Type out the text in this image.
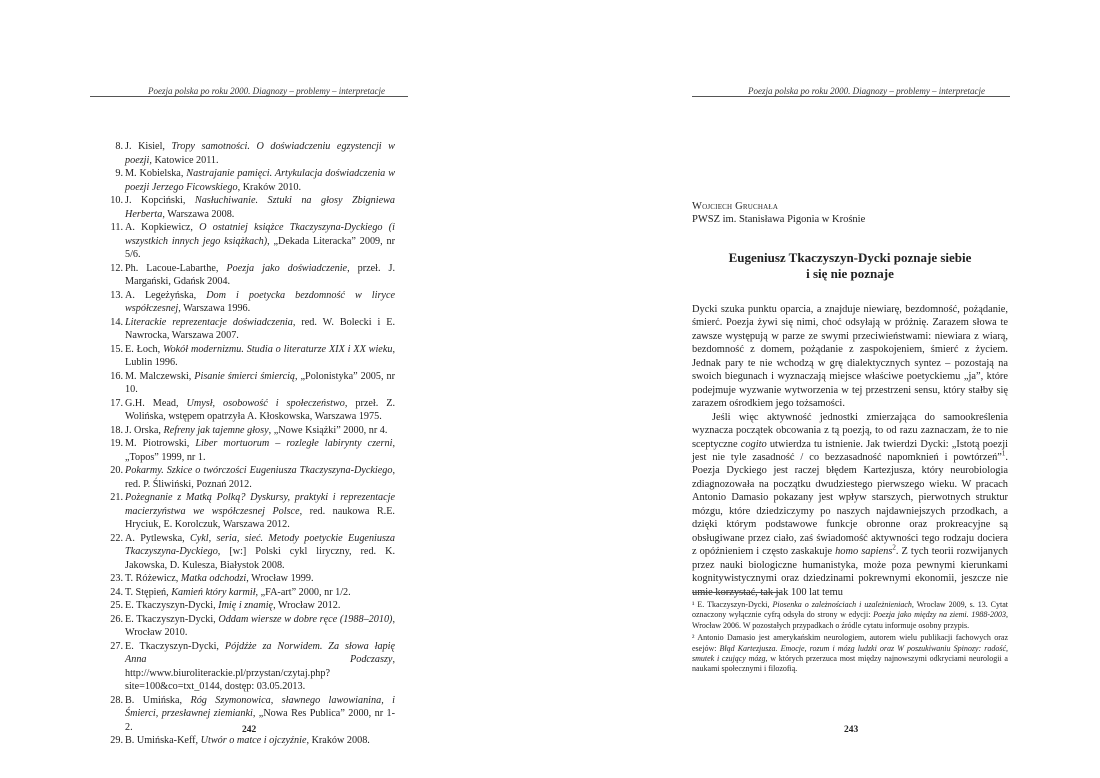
Poezja polska po roku 2000. Diagnozy – problemy – interpretacje
8. J. Kisiel, Tropy samotności. O doświadczeniu egzystencji w poezji, Katowice 2011.
9. M. Kobielska, Nastrajanie pamięci. Artykulacja doświadczenia w poezji Jerzego Ficowskiego, Kraków 2010.
10. J. Kopciński, Nasłuchiwanie. Sztuki na głosy Zbigniewa Herberta, Warszawa 2008.
11. A. Kopkiewicz, O ostatniej książce Tkaczyszyna-Dyckiego (i wszystkich innych jego książkach), „Dekada Literacka” 2009, nr 5/6.
12. Ph. Lacoue-Labarthe, Poezja jako doświadczenie, przeł. J. Margański, Gdańsk 2004.
13. A. Legeżyńska, Dom i poetycka bezdomność w liryce współczesnej, Warszawa 1996.
14. Literackie reprezentacje doświadczenia, red. W. Bolecki i E. Nawrocka, Warszawa 2007.
15. E. Łoch, Wokół modernizmu. Studia o literaturze XIX i XX wieku, Lublin 1996.
16. M. Malczewski, Pisanie śmierci śmiercią, „Polonistyka” 2005, nr 10.
17. G.H. Mead, Umysł, osobowość i społeczeństwo, przeł. Z. Wolińska, wstępem opatrzyła A. Kłoskowska, Warszawa 1975.
18. J. Orska, Refreny jak tajemne głosy, „Nowe Książki” 2000, nr 4.
19. M. Piotrowski, Liber mortuorum – rozległe labirynty czerni, „Topos” 1999, nr 1.
20. Pokarmy. Szkice o twórczości Eugeniusza Tkaczyszyna-Dyckiego, red. P. Śliwiński, Poznań 2012.
21. Pożegnanie z Matką Polką? Dyskursy, praktyki i reprezentacje macierzyństwa we współczesnej Polsce, red. naukowa R.E. Hryciuk, E. Korolczuk, Warszawa 2012.
22. A. Pytlewska, Cykl, seria, sieć. Metody poetyckie Eugeniusza Tkaczyszyna-Dyckiego, [w:] Polski cykl liryczny, red. K. Jakowska, D. Kulesza, Białystok 2008.
23. T. Różewicz, Matka odchodzi, Wrocław 1999.
24. T. Stępień, Kamień który karmił, „FA-art” 2000, nr 1/2.
25. E. Tkaczyszyn-Dycki, Imię i znamię, Wrocław 2012.
26. E. Tkaczyszyn-Dycki, Oddam wiersze w dobre ręce (1988–2010), Wrocław 2010.
27. E. Tkaczyszyn-Dycki, Pójdźże za Norwidem. Za słowa łapię Anna Podczaszy, http://www.biuroliterackie.pl/przystan/czytaj.php?site=100&co=txt_0144, dostęp: 03.05.2013.
28. B. Umińska, Róg Szymonowica, sławnego lawowianina, i Śmierci, przesławnej ziemianki, „Nowa Res Publica” 2000, nr 1-2.
29. B. Umińska-Keff, Utwór o matce i ojczyźnie, Kraków 2008.
242
Poezja polska po roku 2000. Diagnozy – problemy – interpretacje
Wojciech Gruchała
PWSZ im. Stanisława Pigonia w Krośnie
Eugeniusz Tkaczyszyn-Dycki poznaje siebie
i się nie poznaje

Dycki szuka punktu oparcia, a znajduje niewiarę, bezdomność, pożądanie, śmierć. Poezja żywi się nimi, choć odsyłają w próżnię. Zarazem słowa te zawsze występują w parze ze swymi przeciwieństwami: niewiara z wiarą, bezdomność z domem, pożądanie z zaspokojeniem, śmierć z życiem. Jednak pary te nie wchodzą w grę dialektycznych syntez – pozostają na swoich biegunach i wyznaczają miejsce właściwe poetyckiemu „ja”, które podejmuje wyzwanie wytworzenia w tej przestrzeni sensu, który stałby się zarazem ośrodkiem jego tożsamości.

Jeśli więc aktywność jednostki zmierzająca do samookreślenia wyznacza początek obcowania z tą poezją, to od razu zaznaczam, że to nie sceptyczne cogito utwierdza tu istnienie. Jak twierdzi Dycki: „Istotą poezji jest nie tyle zasadność / co bezzasadność napomknień i powtórzeń”$^1$. Poezja Dyckiego jest raczej błędem Kartezjusza, który neurobiologia zdiagnozowała na początku dwudziestego pierwszego wieku. W pracach Antonio Damasio pokazany jest wpływ starszych, pierwotnych struktur mózgu, które dziedziczymy po naszych najdawniejszych przodkach, a dzięki którym podstawowe funkcje obronne oraz prokreacyjne są obsługiwane przez ciało, zaś świadomość aktywności tego rodzaju dociera z opóźnieniem i często zaskakuje homo sapiens$^2$. Z tych teorii rozwijanych przez nauki biologiczne humanistyka, może poza pewnymi kierunkami kognitywistycznymi oraz dziedzinami pokrewnymi ekonomii, jeszcze nie umie korzystać, tak jak 100 lat temu

¹ E. Tkaczyszyn-Dycki, Piosenka o zależnościach i uzależnieniach, Wrocław 2009, s. 13. Cytat oznaczony wyłącznie cyfrą odsyła do strony w edycji: Poezja jako między na ziemi. 1988-2003, Wrocław 2006. W pozostałych przypadkach o źródle cytatu informuje osobny przypis.

² Antonio Damasio jest amerykańskim neurologiem, autorem wielu publikacji fachowych oraz esejów: Błąd Kartezjusza. Emocje, rozum i mózg ludzki oraz W poszukiwaniu Spinozy: radość, smutek i czujący mózg, w których przerzuca most między najnowszymi odkryciami neurologii a naukami społecznymi i filozofią.

243
